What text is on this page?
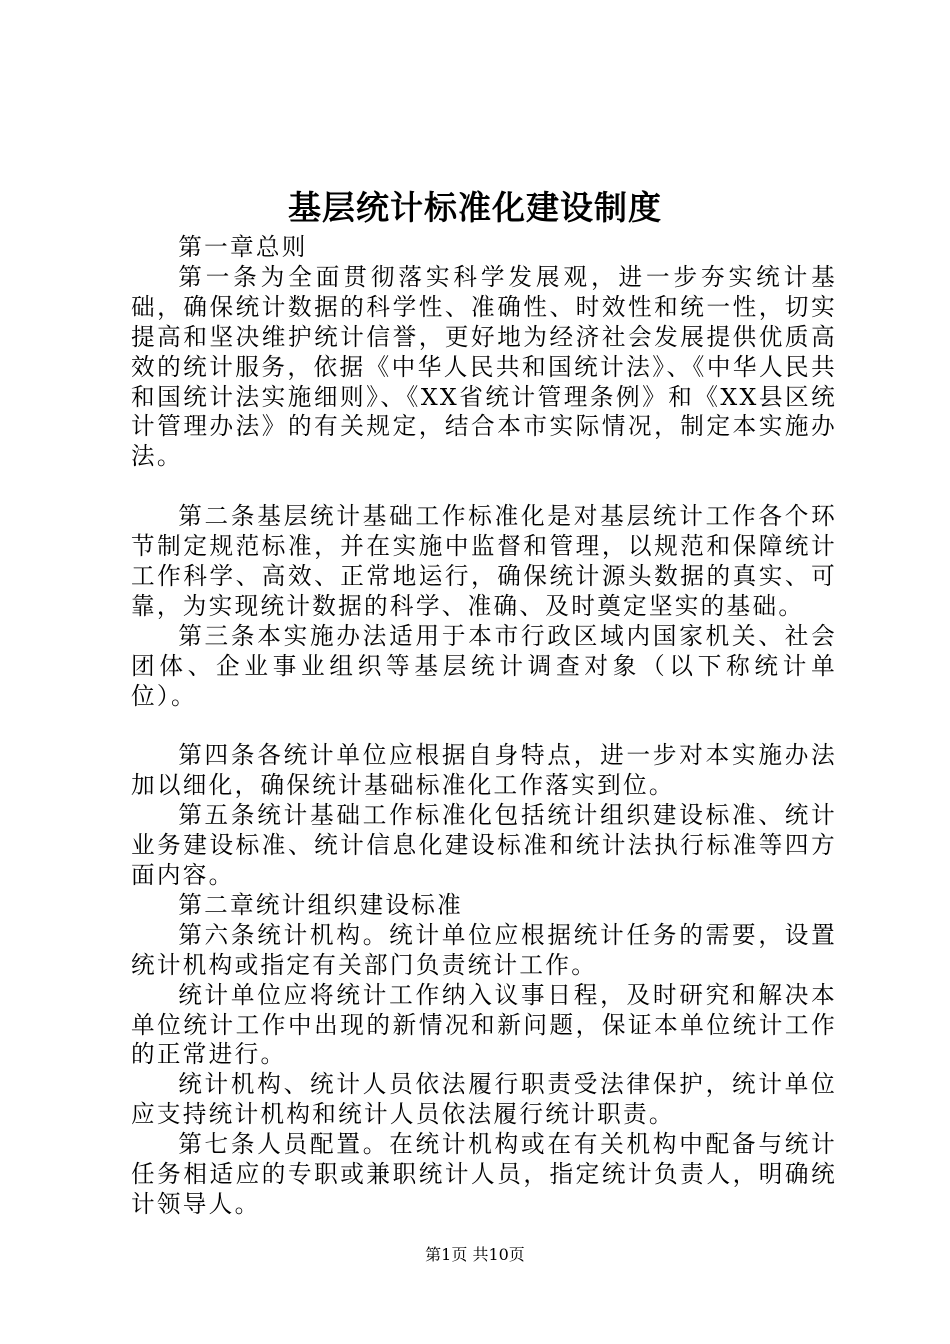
基层统计标准化建设制度

第一章总则

第一条为全面贯彻落实科学发展观，进一步夯实统计基础，确保统计数据的科学性、准确性、时效性和统一性，切实提高和坚决维护统计信誉，更好地为经济社会发展提供优质高效的统计服务，依据《中华人民共和国统计法》、《中华人民共和国统计法实施细则》、《XX省统计管理条例》和《XX县区统计管理办法》的有关规定，结合本市实际情况，制定本实施办法。

第二条基层统计基础工作标准化是对基层统计工作各个环节制定规范标准，并在实施中监督和管理，以规范和保障统计工作科学、高效、正常地运行，确保统计源头数据的真实、可靠，为实现统计数据的科学、准确、及时奠定坚实的基础。

第三条本实施办法适用于本市行政区域内国家机关、社会团体、企业事业组织等基层统计调查对象（以下称统计单位）。

第四条各统计单位应根据自身特点，进一步对本实施办法加以细化，确保统计基础标准化工作落实到位。

第五条统计基础工作标准化包括统计组织建设标准、统计业务建设标准、统计信息化建设标准和统计法执行标准等四方面内容。

第二章统计组织建设标准

第六条统计机构。统计单位应根据统计任务的需要，设置统计机构或指定有关部门负责统计工作。

统计单位应将统计工作纳入议事日程，及时研究和解决本单位统计工作中出现的新情况和新问题，保证本单位统计工作的正常进行。

统计机构、统计人员依法履行职责受法律保护，统计单位应支持统计机构和统计人员依法履行统计职责。

第七条人员配置。在统计机构或在有关机构中配备与统计任务相适应的专职或兼职统计人员，指定统计负责人，明确统计领导人。

第1页 共10页
